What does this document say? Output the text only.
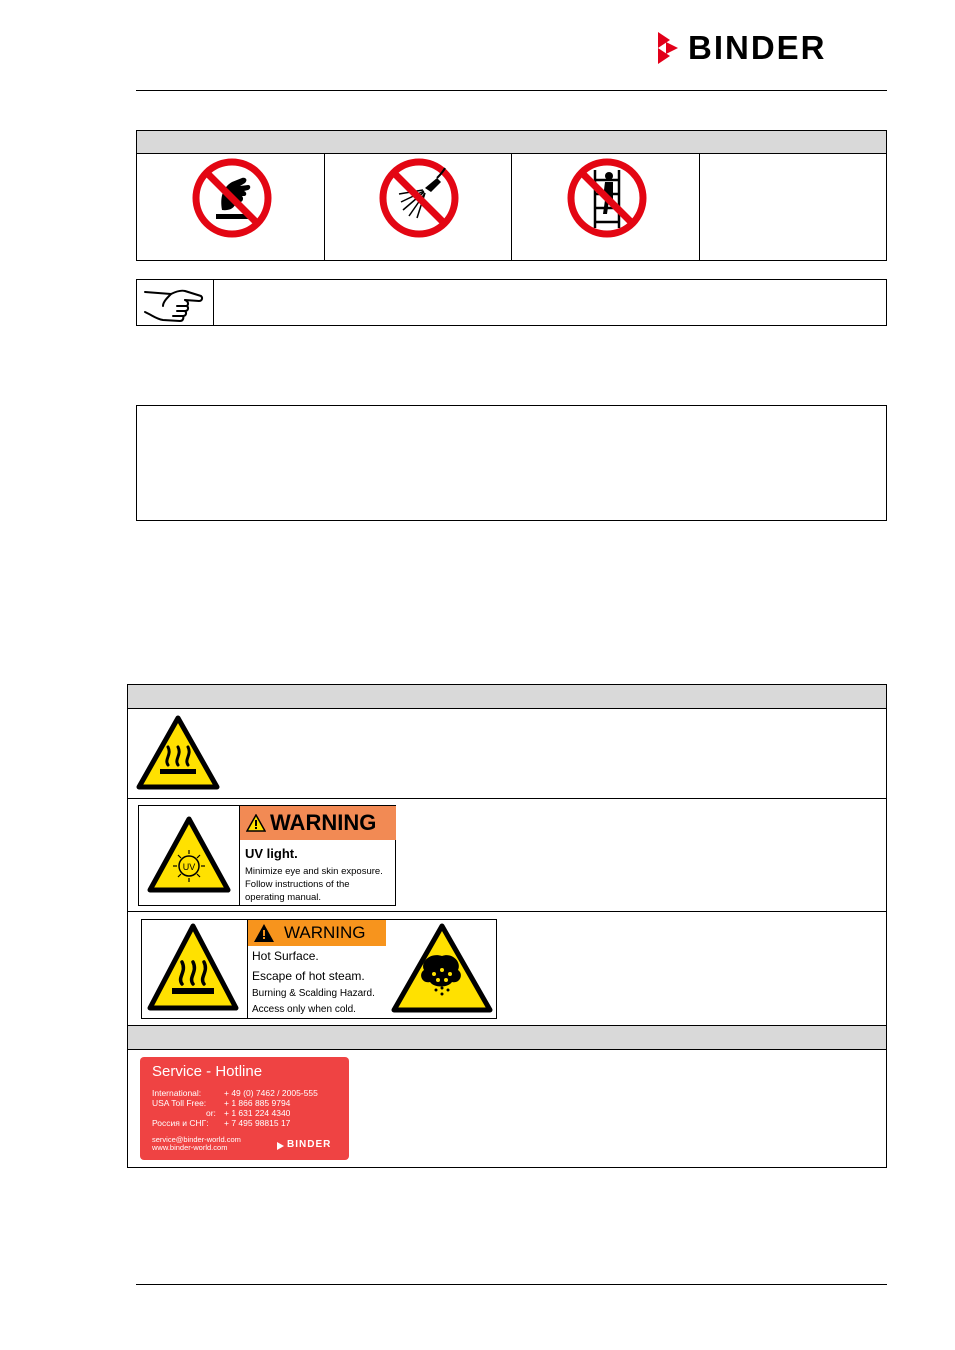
BINDER
UV
WARNING
UV light.
Minimize eye and skin exposure.
Follow instructions of the
operating manual.
WARNING
Hot Surface.
Escape of hot steam.
Burning & Scalding Hazard.
Access only when cold.
Service - Hotline
International:	+ 49 (0) 7462 / 2005-555
USA Toll Free: + 1 866 885 9794
or: + 1 631 224 4340
Россия и СНГ: + 7 495 98815 17
service@binder-world.com
www.binder-world.com	BINDER
